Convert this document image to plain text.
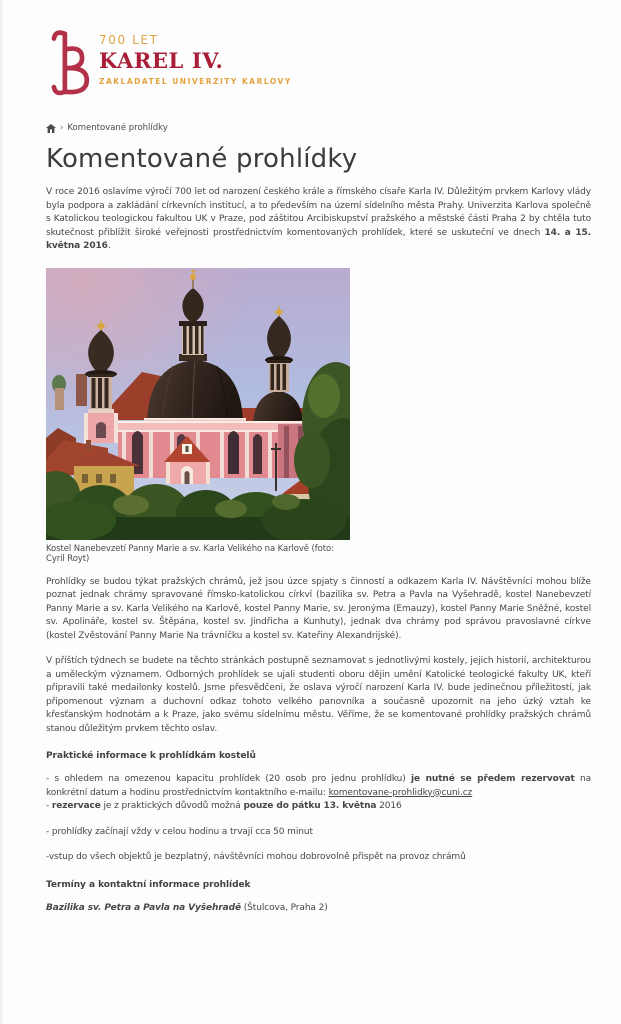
700 LET
KAREL IV.
ZAKLADATEL UNIVERZITY KARLOVY
› Komentované prohlídky
Komentované prohlídky

V roce 2016 oslavíme výročí 700 let od narození českého krále a římského císaře Karla IV. Důležitým prvkem Karlovy vlády byla podpora a zakládání církevních institucí, a to především na území sídelního města Prahy. Univerzita Karlova společně s Katolickou teologickou fakultou UK v Praze, pod záštitou Arcibiskupství pražského a městské části Praha 2 by chtěla tuto skutečnost přiblížit široké veřejnosti prostřednictvím komentovaných prohlídek, které se uskuteční ve dnech 14. a 15. května 2016.

Kostel Nanebevzetí Panny Marie a sv. Karla Velikého na Karlově (foto: Cyril Royt)

Prohlídky se budou týkat pražských chrámů, jež jsou úzce spjaty s činností a odkazem Karla IV. Návštěvníci mohou blíže poznat jednak chrámy spravované římsko-katolickou církví (bazilika sv. Petra a Pavla na Vyšehradě, kostel Nanebevzetí Panny Marie a sv. Karla Velikého na Karlově, kostel Panny Marie, sv. Jeronýma (Emauzy), kostel Panny Marie Sněžné, kostel sv. Apolináře, kostel sv. Štěpána, kostel sv. Jindřicha a Kunhuty), jednak dva chrámy pod správou pravoslavné církve (kostel Zvěstování Panny Marie Na trávníčku a kostel sv. Kateřiny Alexandrijské).

V příštích týdnech se budete na těchto stránkách postupně seznamovat s jednotlivými kostely, jejich historií, architekturou a uměleckým významem. Odborných prohlídek se ujali studenti oboru dějin umění Katolické teologické fakulty UK, kteří připravili také medailonky kostelů. Jsme přesvědčeni, že oslava výročí narození Karla IV. bude jedinečnou příležitostí, jak připomenout význam a duchovní odkaz tohoto velkého panovníka a současně upozornit na jeho úzký vztah ke křesťanským hodnotám a k Praze, jako svému sídelnímu městu. Věříme, že se komentované prohlídky pražských chrámů stanou důležitým prvkem těchto oslav.

Praktické informace k prohlídkám kostelů

- s ohledem na omezenou kapacitu prohlídek (20 osob pro jednu prohlídku) je nutné se předem rezervovat na konkrétní datum a hodinu prostřednictvím kontaktního e-mailu: komentovane-prohlidky@cuni.cz

- rezervace je z praktických důvodů možná pouze do pátku 13. května 2016

- prohlídky začínají vždy v celou hodinu a trvají cca 50 minut

-vstup do všech objektů je bezplatný, návštěvníci mohou dobrovolně přispět na provoz chrámů

Termíny a kontaktní informace prohlídek

Bazilika sv. Petra a Pavla na Vyšehradě (Štulcova, Praha 2)
